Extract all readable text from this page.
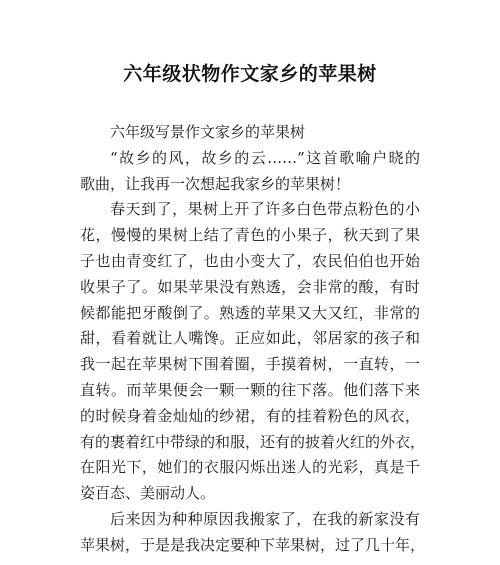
六年级状物作文家乡的苹果树
六年级写景作文家乡的苹果树
“故乡的风，故乡的云……”这首歌喻户晓的
歌曲，让我再一次想起我家乡的苹果树！
春天到了，果树上开了许多白色带点粉色的小
花，慢慢的果树上结了青色的小果子，秋天到了果
子也由青变红了，也由小变大了，农民伯伯也开始
收果子了。如果苹果没有熟透，会非常的酸，有时
候都能把牙酸倒了。熟透的苹果又大又红，非常的
甜，看着就让人嘴馋。正应如此，邻居家的孩子和
我一起在苹果树下围着圈，手摸着树，一直转，一
直转。而苹果便会一颗一颗的往下落。他们落下来
的时候身着金灿灿的纱裙，有的挂着粉色的风衣，
有的裹着红中带绿的和服，还有的披着火红的外衣，
在阳光下，她们的衣服闪烁出迷人的光彩，真是千
姿百态、美丽动人。
后来因为种种原因我搬家了，在我的新家没有
苹果树，于是是我决定要种下苹果树，过了几十年，
